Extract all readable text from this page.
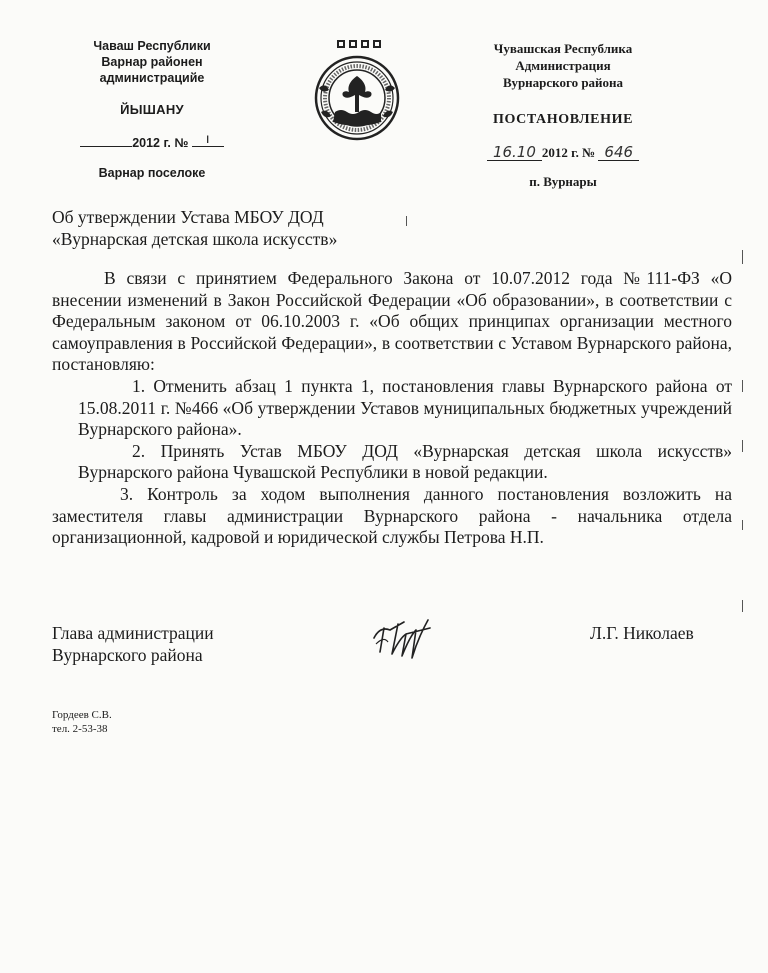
Чаваш Республики
Варнар районен
администрацийе
ЙЫШАНУ
2012 г. № ı
Варнар поселоке
Чувашская Республика
Администрация
Вурнарского района
ПОСТАНОВЛЕНИЕ
16.10 2012 г. № 646
п. Вурнары
Об утверждении Устава МБОУ ДОД
«Вурнарская детская школа искусств»

В связи с принятием Федерального Закона от 10.07.2012 года №111-ФЗ «О внесении изменений в Закон Российской Федерации «Об образовании», в соответствии с Федеральным законом от 06.10.2003 г. «Об общих принципах организации местного самоуправления в Российской Федерации», в соответствии с Уставом Вурнарского района, постановляю:

1. Отменить абзац 1 пункта 1, постановления главы Вурнарского района от 15.08.2011 г. №466 «Об утверждении Уставов муниципальных бюджетных учреждений Вурнарского района».

2. Принять Устав МБОУ ДОД «Вурнарская детская школа искусств» Вурнарского района Чувашской Республики в новой редакции.

3. Контроль за ходом выполнения данного постановления возложить на заместителя главы администрации Вурнарского района - начальника отдела организационной, кадровой и юридической службы Петрова Н.П.

Глава администрации
Вурнарского района
Л.Г. Николаев
Гордеев С.В.
тел. 2-53-38
